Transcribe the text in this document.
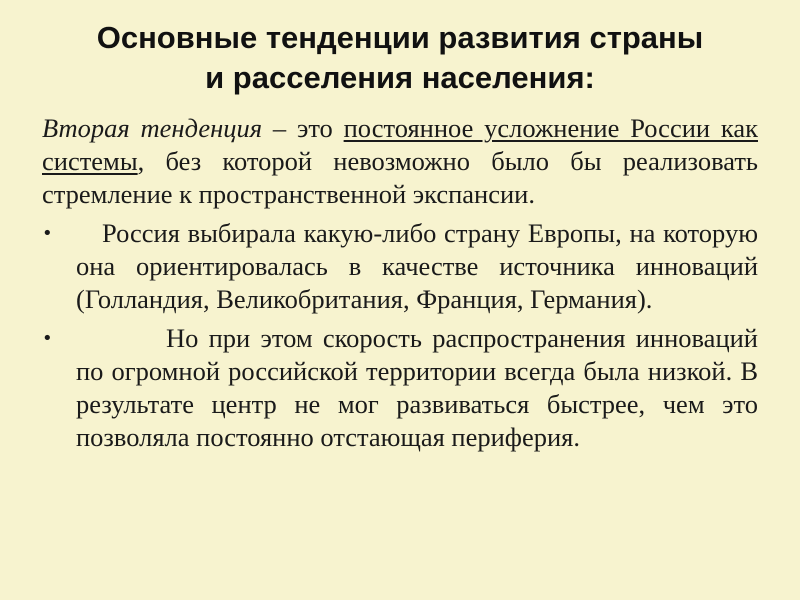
Основные тенденции развития страны
и расселения населения:

Вторая тенденция – это постоянное усложнение России как системы, без которой невозможно было бы реализовать стремление к пространственной экспансии.

•	Россия выбирала какую-либо страну Европы, на которую она ориентировалась в качестве источника инноваций (Голландия, Великобритания, Франция, Германия).
•	Но при этом скорость распространения инноваций по огромной российской территории всегда была низкой. В результате центр не мог развиваться быстрее, чем это позволяла постоянно отстающая периферия.
